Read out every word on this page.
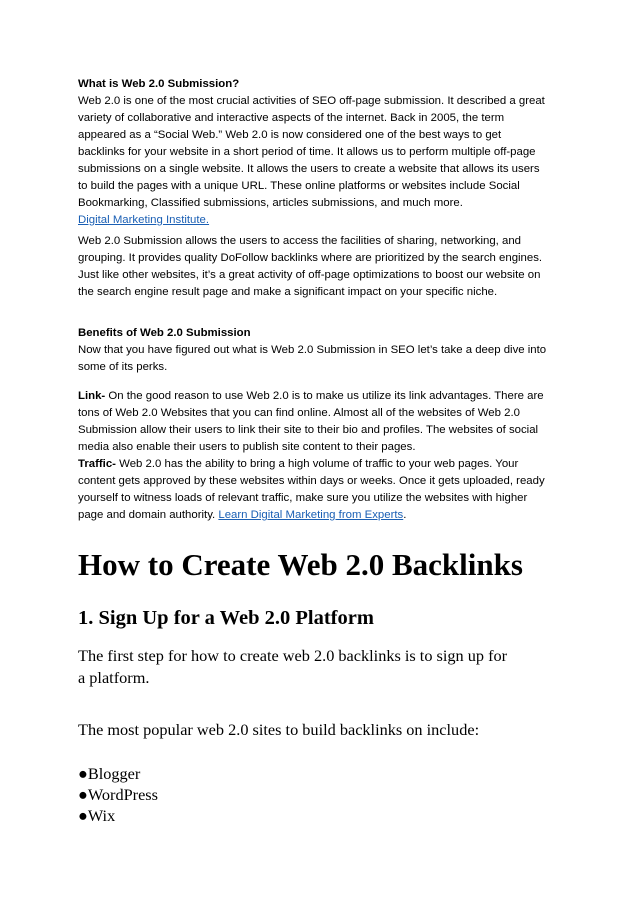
What is Web 2.0 Submission?

Web 2.0 is one of the most crucial activities of SEO off-page submission. It described a great

variety of collaborative and interactive aspects of the internet. Back in 2005, the term

appeared as a “Social Web.” Web 2.0 is now considered one of the best ways to get

backlinks for your website in a short period of time. It allows us to perform multiple off-page

submissions on a single website. It allows the users to create a website that allows its users

to build the pages with a unique URL. These online platforms or websites include Social

Bookmarking, Classified submissions, articles submissions, and much more.

Digital Marketing Institute.

Web 2.0 Submission allows the users to access the facilities of sharing, networking, and

grouping. It provides quality DoFollow backlinks where are prioritized by the search engines.

Just like other websites, it’s a great activity of off-page optimizations to boost our website on

the search engine result page and make a significant impact on your specific niche.

Benefits of Web 2.0 Submission

Now that you have figured out what is Web 2.0 Submission in SEO let’s take a deep dive into

some of its perks.

Link- On the good reason to use Web 2.0 is to make us utilize its link advantages. There are

tons of Web 2.0 Websites that you can find online. Almost all of the websites of Web 2.0

Submission allow their users to link their site to their bio and profiles. The websites of social

media also enable their users to publish site content to their pages.

Traffic- Web 2.0 has the ability to bring a high volume of traffic to your web pages. Your

content gets approved by these websites within days or weeks. Once it gets uploaded, ready

yourself to witness loads of relevant traffic, make sure you utilize the websites with higher

page and domain authority. Learn Digital Marketing from Experts.

How to Create Web 2.0 Backlinks
1. Sign Up for a Web 2.0 Platform
The first step for how to create web 2.0 backlinks is to sign up for
a platform.
The most popular web 2.0 sites to build backlinks on include:
●Blogger
●WordPress
●Wix
